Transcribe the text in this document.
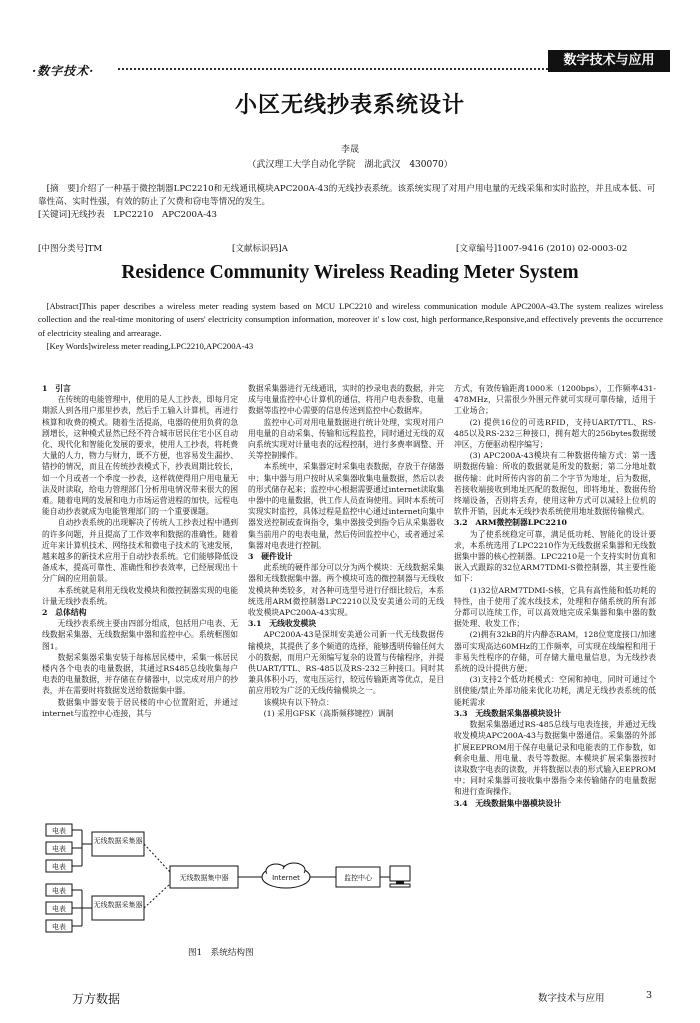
·数字技术·
数字技术与应用
小区无线抄表系统设计
李晟
（武汉理工大学自动化学院　湖北武汉　430070）
[摘　要]介绍了一种基于微控制器LPC2210和无线通讯模块APC200A-43的无线抄表系统。该系统实现了对用户用电量的无线采集和实时监控，并且成本低、可靠性高、实时性强，有效的防止了欠费和窃电等情况的发生。
[关键词]无线抄表　LPC2210　APC200A-43
[中图分类号]TM	[文献标识码]A	[文章编号]1007-9416 (2010) 02-0003-02
Residence Community Wireless Reading Meter System
[Abstract]This paper describes a wireless meter reading system based on MCU LPC2210 and wireless communication module APC200A-43.The system realizes wireless collection and the real-time monitoring of users' electricity consumption information, moreover it' s low cost, high performance,Responsive,and effectively prevents the occurrence of electricity stealing and arrearage.
[Key Words]wireless meter reading,LPC2210,APC200A-43

1　引言

在传统的电能管理中，使用的是人工抄表，即每月定期派人到各用户那里抄表，然后手工输入计算机，再进行核算和收费的模式。随着生活提高，电器的使用负荷的急剧增长，这种模式显然已经不符合城市居民住宅小区自动化、现代化和智能化发展的要求，使用人工抄表，将耗费大量的人力，物力与财力，既不方便，也容易发生漏抄、错抄的情况，而且在传统抄表模式下，抄表周期比较长，如一个月或者一个季度一抄表，这样就使得用户用电量无法及时读取，给电力管理部门分析用电情况带来很大的困难。随着电网的发展和电力市场运营进程的加快，远程电能自动抄表就成为电能管理部门的一个重要课题。

自动抄表系统的出现解决了传统人工抄表过程中遇到的许多问题，并且提高了工作效率和数据的准确性。随着近年来计算机技术、网络技术和微电子技术的飞速发展，越来越多的新技术应用于自动抄表系统。它们能够降低设备成本，提高可靠性、准确性和抄表效率，已经展现出十分广阔的应用前景。

本系统就是利用无线收发模块和微控制器实现的电能计量无线抄表系统。

2　总体结构

无线抄表系统主要由四部分组成，包括用户电表、无线数据采集器、无线数据集中器和监控中心。系统框图如图1。

数据采集器采集安装于每栋居民楼中，采集一栋居民楼内各个电表的电量数据，其通过RS485总线收集每户电表的电量数据，并存储在存储器中，以完成对用户的抄表，并在需要时将数据发送给数据集中器。

数据集中器安装于居民楼的中心位置附近，并通过internet与监控中心连接，其与

数据采集器进行无线通讯，实时的抄录电表的数据，并完成与电量监控中心计算机的通信，将用户电表参数、电量数据等监控中心需要的信息传送到监控中心数据库。

监控中心可对用电量数据进行统计处理，实现对用户用电量的自动采集、传输和远程监控，同时通过无线的双向系统实现对计量电表的远程控制，进行多费率调整、开关等控制操作。

本系统中，采集器定时采集电表数据，存放于存储器中；集中器与用户按时从采集器收集电量数据，然后以表的形式储存起来；监控中心根据需要通过internet读取集中器中的电量数据，供工作人员查询使用。同时本系统可实现实时监控，具体过程是监控中心通过internet向集中器发送控制或查询指令，集中器接受到指令后从采集器收集当前用户的电表电量，然后传回监控中心，或者通过采集器对电表进行控制。

3　硬件设计

此系统的硬件部分可以分为两个模块：无线数据采集器和无线数据集中器。两个模块可选的微控制器与无线收发模块种类较多，对各种可选型号进行仔细比较后，本系统选用ARM微控制器LPC2210以及安美通公司的无线收发模块APC200A-43实现。

3.1　无线收发模块

APC200A-43是深圳安美通公司新一代无线数据传输模块，其提供了多个频道的选择，能够透明传输任何大小的数据，而用户无须编写复杂的设置与传输程序，并提供UART/TTL、RS-485以及RS-232三种接口。同时其兼具体积小巧，宽电压运行，较远传输距离等优点，是目前应用较为广泛的无线传输模块之一。

该模块有以下特点：

(1) 采用GFSK（高斯频移键控）调制

方式，有效传输距离1000米（1200bps），工作频率431-478MHz，只需很少外围元件就可实现可靠传输，适用于工业场合；

(2) 提供16位的可选RFID，支持UART/TTL、RS-485以及RS-232三种接口，拥有超大的256bytes数据缓冲区，方便驱动程序编写；

(3) APC200A-43模块有二种数据传输方式：第一透明数据传输：所收的数据就是所发的数据；第二分地址数据传输：此时所传内容的前二个字节为地址，后为数据，若接收端接收到地址匹配的数据包，即将地址、数据传给终端设备，否则将丢弃，使用这种方式可以减轻上位机的软件开销，因此本无线抄表系统使用地址数据传输模式。

3.2　ARM微控制器LPC2210

为了使系统稳定可靠，满足低功耗、智能化的设计要求，本系统选用了LPC2210作为无线数据采集器和无线数据集中器的核心控制器。LPC2210是一个支持实时仿真和嵌入式跟踪的32位ARM7TDMI-S微控制器，其主要性能如下：

(1)32位ARM7TDMI-S核，它具有高性能和低功耗的特性，由于使用了流水线技术，处理和存储系统的所有部分都可以连续工作，可以高效地完成采集器和集中器的数据处理、收发工作；

(2)拥有32kB的片内静态RAM，128位宽度接口/加速器可实现高达60MHz的工作频率，可实现在线编程和用于非易失性程序的存储，可存储大量电量信息，为无线抄表系统的设计提供方便；

(3)支持2个低功耗模式：空闲和掉电，同时可通过个别使能/禁止外部功能来优化功耗，满足无线抄表系统的低能耗需求

3.3　无线数据采集器模块设计

数据采集器通过RS-485总线与电表连接，并通过无线收发模块APC200A-43与数据集中器通信。采集器的外部扩展EEPROM用于保存电量记录和电能表的工作参数，如剩余电量、用电量、表号等数据。本模块扩展采集器按时读取数字电表的读数，并将数据以表的形式输入EEPROM中；同时采集器可接收集中器指令来传输储存的电量数据和进行查询操作。

3.4　无线数据集中器模块设计

电表
电表
电表
电表
电表
电表
无线数据采集器
无线数据采集器
无线数据集中器	Internet	监控中心
图1　系统结构图
万方数据	数字技术与应用	3
